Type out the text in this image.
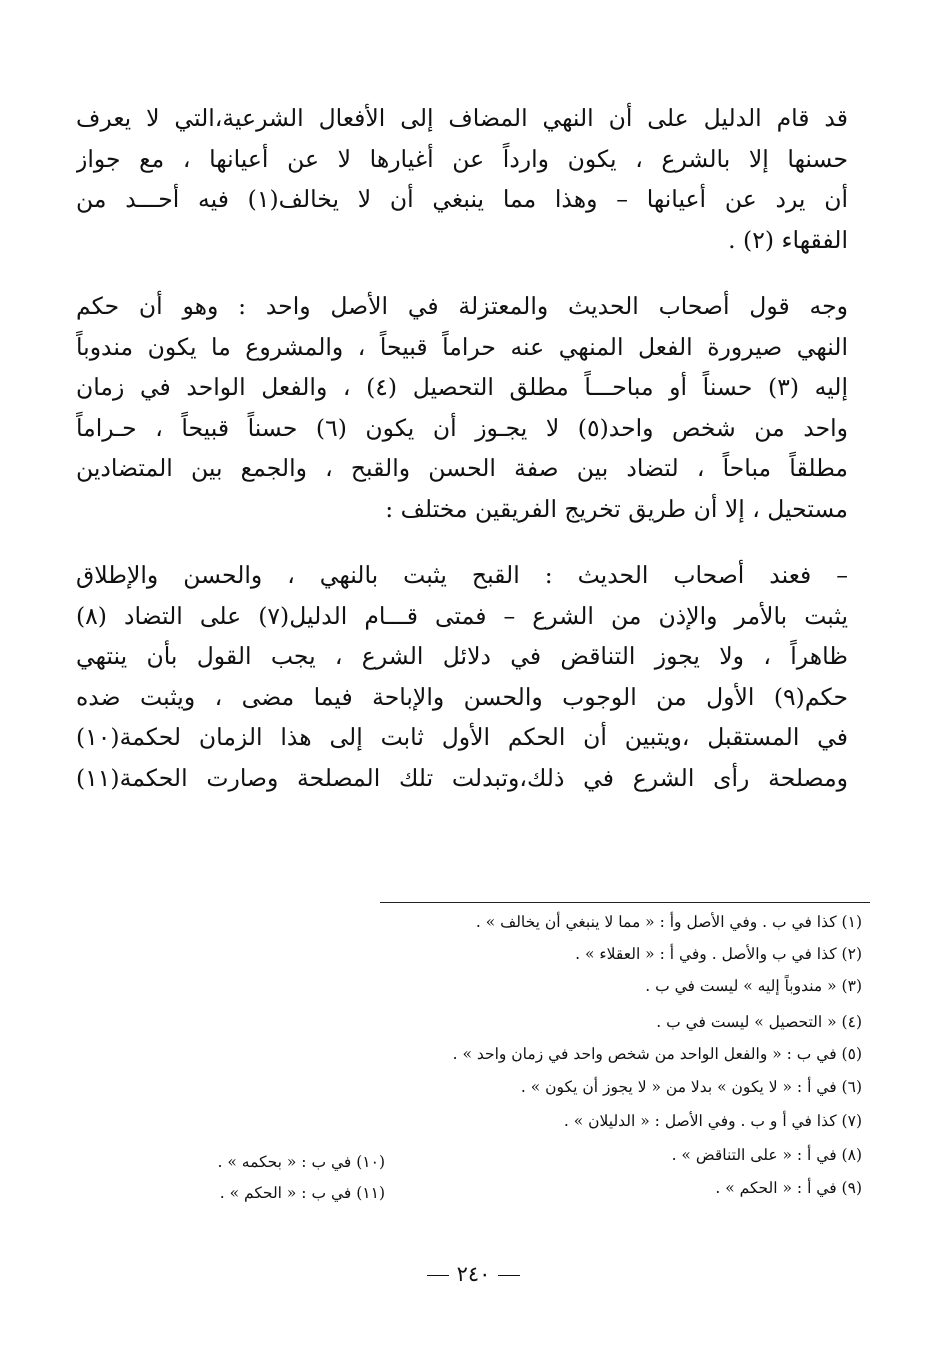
قد قام الدليل على أن النهي المضاف إلى الأفعال الشرعية،التي لا يعرف
حسنها إلا بالشرع ، يكون وارداً عن أغيارها لا عن أعيانها ، مع جواز
أن يرد عن أعيانها – وهذا مما ينبغي أن لا يخالف(١) فيه أحـــد من
الفقهاء (٢) .
وجه قول أصحاب الحديث والمعتزلة في الأصل واحد : وهو أن حكم
النهي صيرورة الفعل المنهي عنه حراماً قبيحاً ، والمشروع ما يكون مندوباً
إليه (٣) حسناً أو مباحـــاً مطلق التحصيل (٤) ، والفعل الواحد في زمان
واحد من شخص واحد(٥) لا يجـوز أن يكون (٦) حسناً قبيحاً ، حـراماً
مطلقاً مباحاً ، لتضاد بين صفة الحسن والقبح ، والجمع بين المتضادين
مستحيل ، إلا أن طريق تخريج الفريقين مختلف :
– فعند أصحاب الحديث : القبح يثبت بالنهي ، والحسن والإطلاق
يثبت بالأمر والإذن من الشرع – فمتى قـــام الدليل(٧) على التضاد (٨)
ظاهراً ، ولا يجوز التناقض في دلائل الشرع ، يجب القول بأن ينتهي
حكم(٩) الأول من الوجوب والحسن والإباحة فيما مضى ، ويثبت ضده
في المستقبل ،ويتبين أن الحكم الأول ثابت إلى هذا الزمان لحكمة(١٠)
ومصلحة رأى الشرع في ذلك،وتبدلت تلك المصلحة وصارت الحكمة(١١)
(١) كذا في ب . وفي الأصل وأ : « مما لا ينبغي أن يخالف » .
(٢) كذا في ب والأصل . وفي أ : « العقلاء » .
(٣) « مندوباً إليه » ليست في ب .
(٤) « التحصيل » ليست في ب .
(٥) في ب : « والفعل الواحد من شخص واحد في زمان واحد » .
(٦) في أ : « لا يكون » بدلا من « لا يجوز أن يكون » .
(٧) كذا في أ و ب . وفي الأصل : « الدليلان » .
(٨) في أ : « على التناقض » .
(٩) في أ : « الحكم » .
(١٠) في ب : « بحكمه » .
(١١) في ب : « الحكم » .
٢٤٠
